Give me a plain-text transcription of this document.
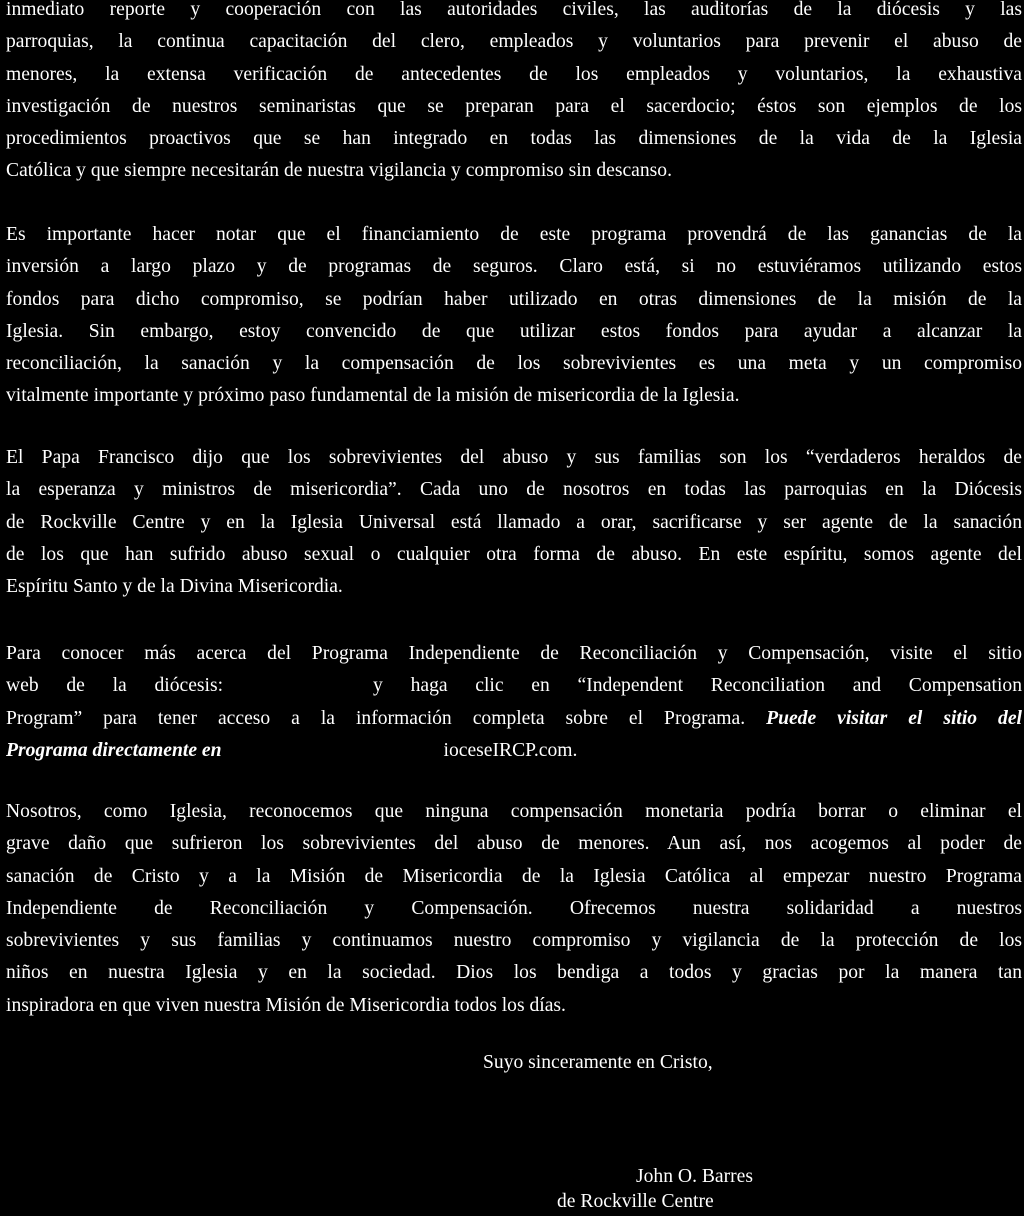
inmediato reporte y cooperación con las autoridades civiles, las auditorías de la diócesis y las
parroquias, la continua capacitación del clero, empleados y voluntarios para prevenir el abuso de
menores, la extensa verificación de antecedentes de los empleados y voluntarios, la exhaustiva
investigación de nuestros seminaristas que se preparan para el sacerdocio; éstos son ejemplos de los
procedimientos proactivos que se han integrado en todas las dimensiones de la vida de la Iglesia
Católica y que siempre necesitarán de nuestra vigilancia y compromiso sin descanso.
Es importante hacer notar que el financiamiento de este programa provendrá de las ganancias de la
inversión a largo plazo y de programas de seguros. Claro está, si no estuviéramos utilizando estos
fondos para dicho compromiso, se podrían haber utilizado en otras dimensiones de la misión de la
Iglesia. Sin embargo, estoy convencido de que utilizar estos fondos para ayudar a alcanzar la
reconciliación, la sanación y la compensación de los sobrevivientes es una meta y un compromiso
vitalmente importante y próximo paso fundamental de la misión de misericordia de la Iglesia.
El Papa Francisco dijo que los sobrevivientes del abuso y sus familias son los “verdaderos heraldos de
la esperanza y ministros de misericordia”. Cada uno de nosotros en todas las parroquias en la Diócesis
de Rockville Centre y en la Iglesia Universal está llamado a orar, sacrificarse y ser agente de la sanación
de los que han sufrido abuso sexual o cualquier otra forma de abuso. En este espíritu, somos agente del
Espíritu Santo y de la Divina Misericordia.
Para conocer más acerca del Programa Independiente de Reconciliación y Compensación, visite el sitio
web de la diócesis:	y haga clic en “Independent Reconciliation and Compensation
Program” para tener acceso a la información completa sobre el Programa. Puede visitar el sitio del
Programa directamente en	ioceseIRCP.com.
Nosotros, como Iglesia, reconocemos que ninguna compensación monetaria podría borrar o eliminar el
grave daño que sufrieron los sobrevivientes del abuso de menores. Aun así, nos acogemos al poder de
sanación de Cristo y a la Misión de Misericordia de la Iglesia Católica al empezar nuestro Programa
Independiente de Reconciliación y Compensación. Ofrecemos nuestra solidaridad a nuestros
sobrevivientes y sus familias y continuamos nuestro compromiso y vigilancia de la protección de los
niños en nuestra Iglesia y en la sociedad. Dios los bendiga a todos y gracias por la manera tan
inspiradora en que viven nuestra Misión de Misericordia todos los días.
Suyo sinceramente en Cristo,
John O. Barres
de Rockville Centre
